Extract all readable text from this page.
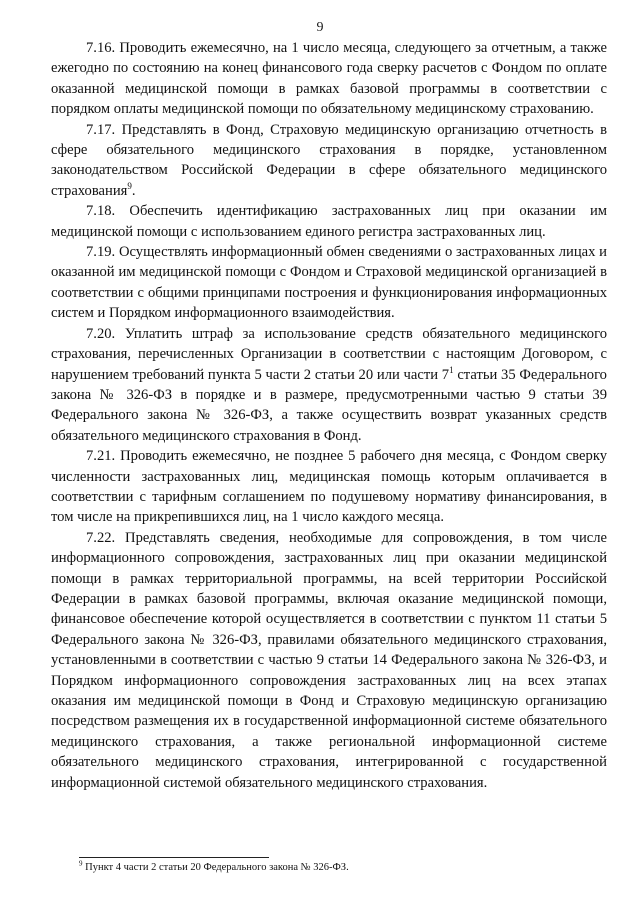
9

7.16. Проводить ежемесячно, на 1 число месяца, следующего за отчетным, а также ежегодно по состоянию на конец финансового года сверку расчетов с Фондом по оплате оказанной медицинской помощи в рамках базовой программы в соответствии с порядком оплаты медицинской помощи по обязательному медицинскому страхованию.

7.17. Представлять в Фонд, Страховую медицинскую организацию отчетность в сфере обязательного медицинского страхования в порядке, установленном законодательством Российской Федерации в сфере обязательного медицинского страхования$^9$.

7.18. Обеспечить идентификацию застрахованных лиц при оказании им медицинской помощи с использованием единого регистра застрахованных лиц.

7.19. Осуществлять информационный обмен сведениями о застрахованных лицах и оказанной им медицинской помощи с Фондом и Страховой медицинской организацией в соответствии с общими принципами построения и функционирования информационных систем и Порядком информационного взаимодействия.

7.20. Уплатить штраф за использование средств обязательного медицинского страхования, перечисленных Организации в соответствии с настоящим Договором, с нарушением требований пункта 5 части 2 статьи 20 или части $7^1$ статьи 35 Федерального закона № 326-ФЗ в порядке и в размере, предусмотренными частью 9 статьи 39 Федерального закона № 326-ФЗ, а также осуществить возврат указанных средств обязательного медицинского страхования в Фонд.

7.21. Проводить ежемесячно, не позднее 5 рабочего дня месяца, с Фондом сверку численности застрахованных лиц, медицинская помощь которым оплачивается в соответствии с тарифным соглашением по подушевому нормативу финансирования, в том числе на прикрепившихся лиц, на 1 число каждого месяца.

7.22. Представлять сведения, необходимые для сопровождения, в том числе информационного сопровождения, застрахованных лиц при оказании медицинской помощи в рамках территориальной программы, на всей территории Российской Федерации в рамках базовой программы, включая оказание медицинской помощи, финансовое обеспечение которой осуществляется в соответствии с пунктом 11 статьи 5 Федерального закона № 326-ФЗ, правилами обязательного медицинского страхования, установленными в соответствии с частью 9 статьи 14 Федерального закона № 326-ФЗ, и Порядком информационного сопровождения застрахованных лиц на всех этапах оказания им медицинской помощи в Фонд и Страховую медицинскую организацию посредством размещения их в государственной информационной системе обязательного медицинского страхования, а также региональной информационной системе обязательного медицинского страхования, интегрированной с государственной информационной системой обязательного медицинского страхования.

$^9$ Пункт 4 части 2 статьи 20 Федерального закона № 326-ФЗ.
